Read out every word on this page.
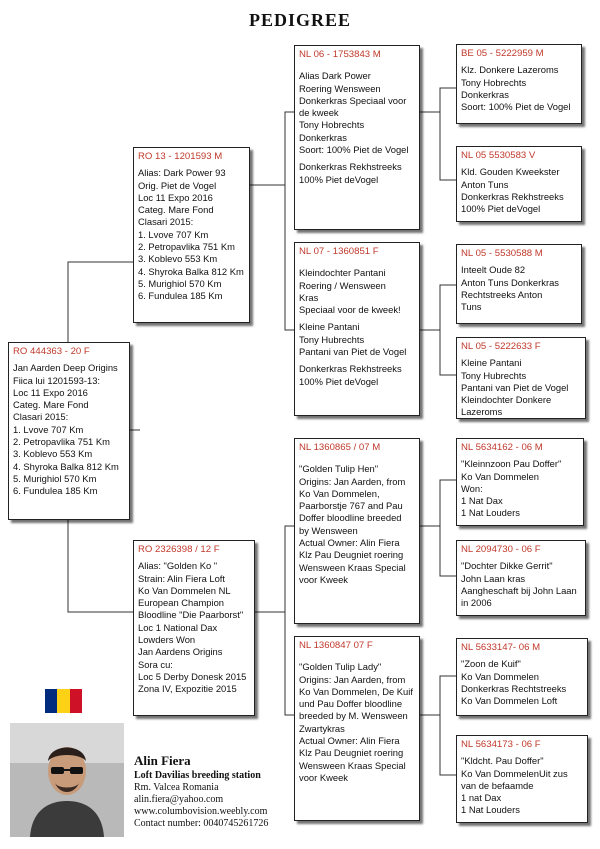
PEDIGREE
RO 444363 - 20 F
Jan Aarden Deep Origins
Fiica lui 1201593-13:
Loc 11 Expo 2016
Categ. Mare Fond
Clasari 2015:
1. Lvove 707 Km
2. Petropavlika 751 Km
3. Koblevo 553 Km
4. Shyroka Balka 812 Km
5. Murighiol 570 Km
6. Fundulea 185 Km
RO 13 - 1201593 M
Alias: Dark Power 93
Orig. Piet de Vogel
Loc 11 Expo 2016
Categ. Mare Fond
Clasari 2015:
1. Lvove 707 Km
2. Petropavlika 751 Km
3. Koblevo 553 Km
4. Shyroka Balka 812 Km
5. Murighiol 570 Km
6. Fundulea 185 Km
RO 2326398 / 12 F
Alias: "Golden Ko "
Strain: Alin Fiera Loft
Ko Van Dommelen NL
European Champion
Bloodline "Die Paarborst"
Loc 1 National Dax
Lowders Won
Jan Aardens Origins
Sora cu:
Loc 5 Derby Donesk 2015
Zona IV, Expozitie 2015
NL 06 - 1753843 M
Alias Dark Power
Roering Wensween
Donkerkras Speciaal voor
de kweek
Tony Hobrechts
Donkerkras
Soort: 100% Piet de Vogel
Donkerkras Rekhstreeks
100% Piet deVogel
NL 07 - 1360851 F
Kleindochter Pantani
Roering / Wensween
Kras
Speciaal voor de kweek!
Kleine Pantani
Tony Hubrechts
Pantani van Piet de Vogel
Donkerkras Rekhstreeks
100% Piet deVogel
NL 1360865 / 07 M
"Golden Tulip Hen"
Origins: Jan Aarden, from
Ko Van Dommelen,
Paarborstje 767 and Pau
Doffer bloodline breeded
by Wensween
Actual Owner: Alin Fiera
Klz Pau Deugniet roering
Wensween Kraas Special
voor Kweek
NL 1360847 07 F
"Golden Tulip Lady"
Origins: Jan Aarden, from
Ko Van Dommelen, De Kuif
und Pau Doffer bloodline
breeded by M. Wensween
Zwartykras
Actual Owner: Alin Fiera
Klz Pau Deugniet roering
Wensween Kraas Special
voor Kweek
BE 05 - 5222959 M
Klz. Donkere Lazeroms
Tony Hobrechts
Donkerkras
Soort: 100% Piet de Vogel
NL 05 5530583 V
Kld. Gouden Kweekster
Anton Tuns
Donkerkras Rekhstreeks
100% Piet deVogel
NL 05 - 5530588 M
Inteelt Oude 82
Anton Tuns Donkerkras
Rechtstreeks Anton
Tuns
NL 05 - 5222633 F
Kleine Pantani
Tony Hubrechts
Pantani van Piet de Vogel
Kleindochter Donkere
Lazeroms
NL 5634162 - 06 M
"Kleinnzoon Pau Doffer"
Ko Van Dommelen
Won:
1 Nat Dax
1 Nat Louders
NL 2094730 - 06 F
"Dochter Dikke Gerrit"
John Laan kras
Aangheschaft bij John Laan
in 2006
NL 5633147- 06 M
"Zoon de Kuif"
Ko Van Dommelen
Donkerkras Rechtstreeks
Ko Van Dommelen Loft
NL 5634173 - 06 F
"Kldcht. Pau Doffer"
Ko Van DommelenUit zus
van de befaamde
1 nat Dax
1 Nat Louders
Alin Fiera
Loft Davilias breeding station
Rm. Valcea Romania
alin.fiera@yahoo.com
www.columbovision.weebly.com
Contact number: 0040745261726
